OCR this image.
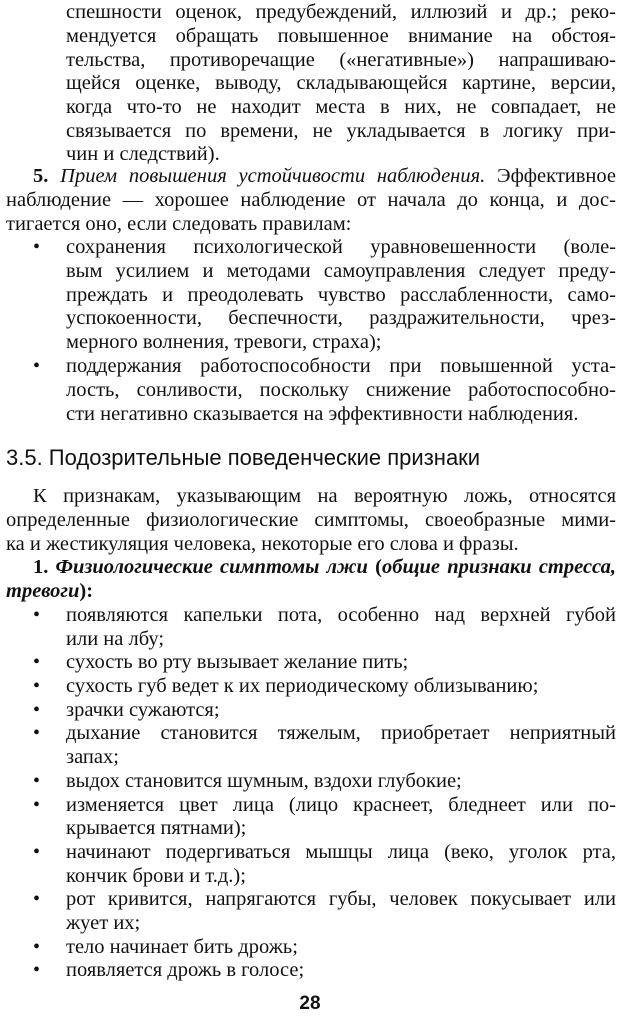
спешности оценок, предубеждений, иллюзий и др.; реко-
мендуется обращать повышенное внимание на обстоя-
тельства, противоречащие («негативные») напрашиваю-
щейся оценке, выводу, складывающейся картине, версии,
когда что-то не находит места в них, не совпадает, не
связывается по времени, не укладывается в логику при-
чин и следствий).
5. Прием повышения устойчивости наблюдения. Эффективное
наблюдение — хорошее наблюдение от начала до конца, и дос-
тигается оно, если следовать правилам:
• сохранения психологической уравновешенности (воле-
вым усилием и методами самоуправления следует преду-
преждать и преодолевать чувство расслабленности, само-
успокоенности, беспечности, раздражительности, чрез-
мерного волнения, тревоги, страха);
• поддержания работоспособности при повышенной уста-
лость, сонливости, поскольку снижение работоспособно-
сти негативно сказывается на эффективности наблюдения.
3.5. Подозрительные поведенческие признаки
К признакам, указывающим на вероятную ложь, относятся
определенные физиологические симптомы, своеобразные мими-
ка и жестикуляция человека, некоторые его слова и фразы.
1. Физиологические симптомы лжи (общие признаки стресса,
тревоги):
• появляются капельки пота, особенно над верхней губой
или на лбу;
• сухость во рту вызывает желание пить;
• сухость губ ведет к их периодическому облизыванию;
• зрачки сужаются;
• дыхание становится тяжелым, приобретает неприятный
запах;
• выдох становится шумным, вздохи глубокие;
• изменяется цвет лица (лицо краснеет, бледнеет или по-
крывается пятнами);
• начинают подергиваться мышцы лица (веко, уголок рта,
кончик брови и т.д.);
• рот кривится, напрягаются губы, человек покусывает или
жует их;
• тело начинает бить дрожь;
• появляется дрожь в голосе;
28
